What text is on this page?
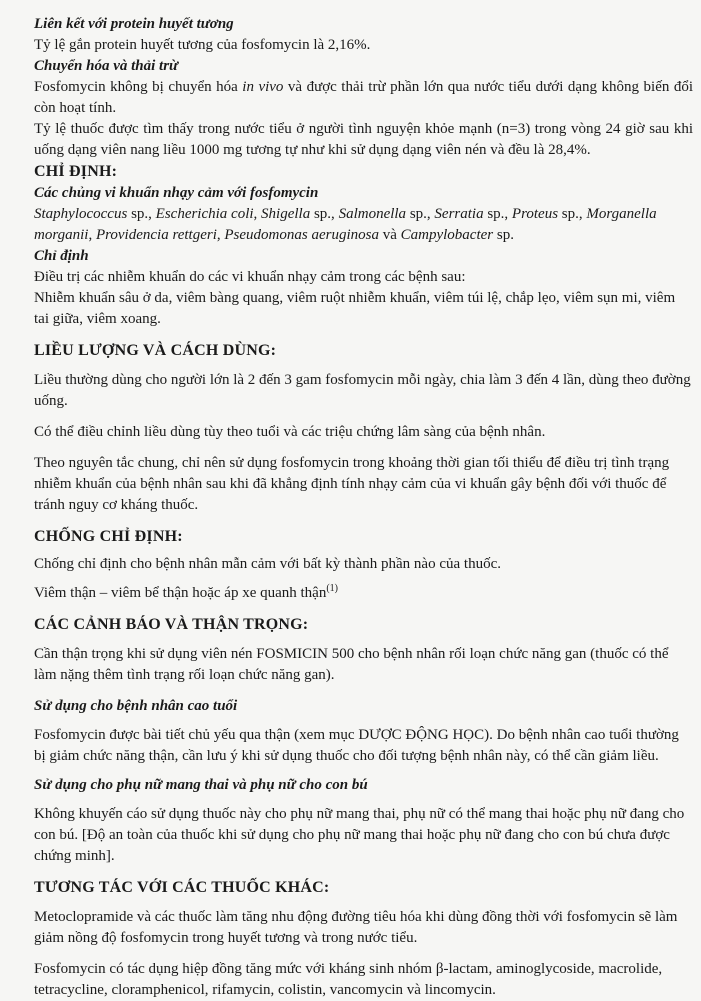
Liên kết với protein huyết tương

Tỷ lệ gắn protein huyết tương của fosfomycin là 2,16%.

Chuyển hóa và thải trừ

Fosfomycin không bị chuyển hóa in vivo và được thải trừ phần lớn qua nước tiểu dưới dạng không biến đổi còn hoạt tính.

Tỷ lệ thuốc được tìm thấy trong nước tiểu ở người tình nguyện khỏe mạnh (n=3) trong vòng 24 giờ sau khi uống dạng viên nang liều 1000 mg tương tự như khi sử dụng dạng viên nén và đều là 28,4%.

CHỈ ĐỊNH:

Các chủng vi khuẩn nhạy cảm với fosfomycin

Staphylococcus sp., Escherichia coli, Shigella sp., Salmonella sp., Serratia sp., Proteus sp., Morganella morganii, Providencia rettgeri, Pseudomonas aeruginosa và Campylobacter sp.

Chỉ định

Điều trị các nhiễm khuẩn do các vi khuẩn nhạy cảm trong các bệnh sau:

Nhiễm khuẩn sâu ở da, viêm bàng quang, viêm ruột nhiễm khuẩn, viêm túi lệ, chắp lẹo, viêm sụn mi, viêm tai giữa, viêm xoang.

LIỀU LƯỢNG VÀ CÁCH DÙNG:

Liều thường dùng cho người lớn là 2 đến 3 gam fosfomycin mỗi ngày, chia làm 3 đến 4 lần, dùng theo đường uống.

Có thể điều chỉnh liều dùng tùy theo tuổi và các triệu chứng lâm sàng của bệnh nhân.

Theo nguyên tắc chung, chỉ nên sử dụng fosfomycin trong khoảng thời gian tối thiểu để điều trị tình trạng nhiễm khuẩn của bệnh nhân sau khi đã khẳng định tính nhạy cảm của vi khuẩn gây bệnh đối với thuốc để tránh nguy cơ kháng thuốc.

CHỐNG CHỈ ĐỊNH:

Chống chỉ định cho bệnh nhân mẫn cảm với bất kỳ thành phần nào của thuốc.

Viêm thận – viêm bể thận hoặc áp xe quanh thận$^{(1)}$

CÁC CẢNH BÁO VÀ THẬN TRỌNG:

Cần thận trọng khi sử dụng viên nén FOSMICIN 500 cho bệnh nhân rối loạn chức năng gan (thuốc có thể làm nặng thêm tình trạng rối loạn chức năng gan).

Sử dụng cho bệnh nhân cao tuổi

Fosfomycin được bài tiết chủ yếu qua thận (xem mục DƯỢC ĐỘNG HỌC). Do bệnh nhân cao tuổi thường bị giảm chức năng thận, cần lưu ý khi sử dụng thuốc cho đối tượng bệnh nhân này, có thể cần giảm liều.

Sử dụng cho phụ nữ mang thai và phụ nữ cho con bú

Không khuyến cáo sử dụng thuốc này cho phụ nữ mang thai, phụ nữ có thể mang thai hoặc phụ nữ đang cho con bú. [Độ an toàn của thuốc khi sử dụng cho phụ nữ mang thai hoặc phụ nữ đang cho con bú chưa được chứng minh].

TƯƠNG TÁC VỚI CÁC THUỐC KHÁC:

Metoclopramide và các thuốc làm tăng nhu động đường tiêu hóa khi dùng đồng thời với fosfomycin sẽ làm giảm nồng độ fosfomycin trong huyết tương và trong nước tiểu.

Fosfomycin có tác dụng hiệp đồng tăng mức với kháng sinh nhóm β-lactam, aminoglycoside, macrolide, tetracycline, cloramphenicol, rifamycin, colistin, vancomycin và lincomycin.
